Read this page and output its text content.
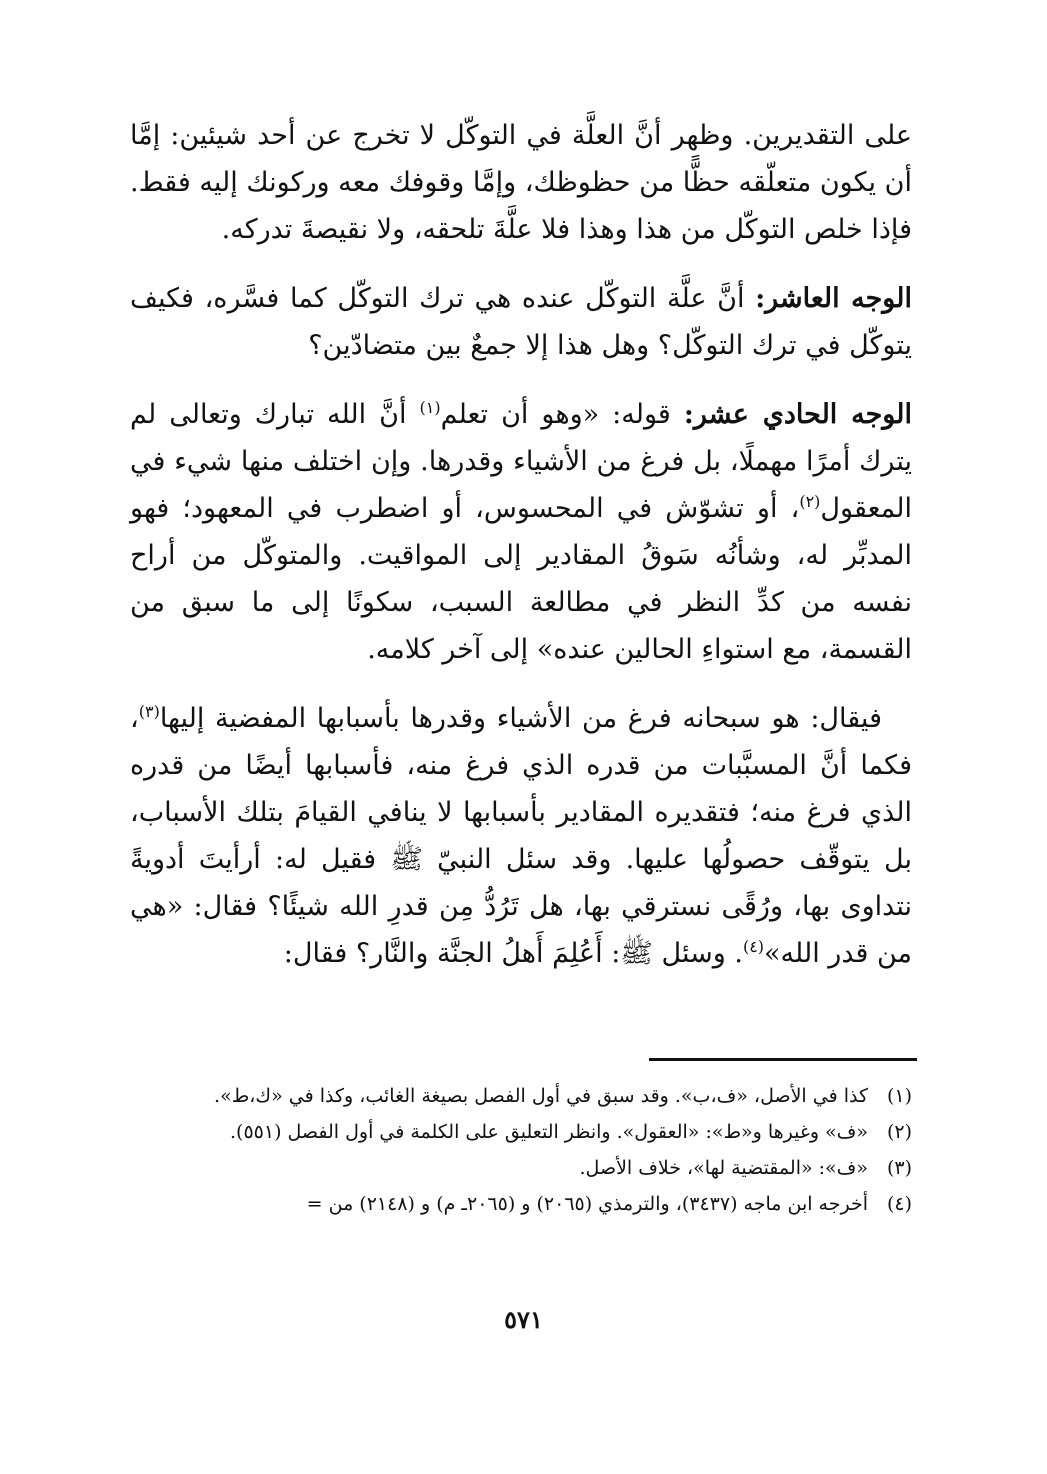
على التقديرين. وظهر أنَّ العلَّة في التوكّل لا تخرج عن أحد شيئين: إمَّا أن يكون متعلّقه حظًّا من حظوظك، وإمَّا وقوفك معه وركونك إليه فقط. فإذا خلص التوكّل من هذا وهذا فلا علَّةَ تلحقه، ولا نقيصةَ تدركه.

الوجه العاشر: أنَّ علَّة التوكّل عنده هي ترك التوكّل كما فسَّره، فكيف يتوكّل في ترك التوكّل؟ وهل هذا إلا جمعٌ بين متضادّين؟

الوجه الحادي عشر: قوله: «وهو أن تعلم$^{(١)}$ أنَّ الله تبارك وتعالى لم يترك أمرًا مهملًا، بل فرغ من الأشياء وقدرها. وإن اختلف منها شيء في المعقول$^{(٢)}$، أو تشوّش في المحسوس، أو اضطرب في المعهود؛ فهو المدبِّر له، وشأنُه سَوقُ المقادير إلى المواقيت. والمتوكّل من أراح نفسه من كدِّ النظر في مطالعة السبب، سكونًا إلى ما سبق من القسمة، مع استواءِ الحالين عنده» إلى آخر كلامه.

فيقال: هو سبحانه فرغ من الأشياء وقدرها بأسبابها المفضية إليها$^{(٣)}$، فكما أنَّ المسبَّبات من قدره الذي فرغ منه، فأسبابها أيضًا من قدره الذي فرغ منه؛ فتقديره المقادير بأسبابها لا ينافي القيامَ بتلك الأسباب، بل يتوقّف حصولُها عليها. وقد سئل النبيّ ﷺ فقيل له: أرأيتَ أدويةً نتداوى بها، ورُقًى نسترقي بها، هل تَرُدُّ مِن قدرِ الله شيئًا؟ فقال: «هي من قدر الله»$^{(٤)}$. وسئل ﷺ: أَعُلِمَ أَهلُ الجنَّة والنَّار؟ فقال:

(١)
كذا في الأصل، «ف،ب». وقد سبق في أول الفصل بصيغة الغائب، وكذا في «ك،ط».
(٢)
«ف» وغيرها و«ط»: «العقول». وانظر التعليق على الكلمة في أول الفصل (٥٥١).
(٣)
«ف»: «المقتضية لها»، خلاف الأصل.
(٤)
أخرجه ابن ماجه (٣٤٣٧)، والترمذي (٢٠٦٥) و (٢٠٦٥ـ م) و (٢١٤٨) من =
٥٧١
